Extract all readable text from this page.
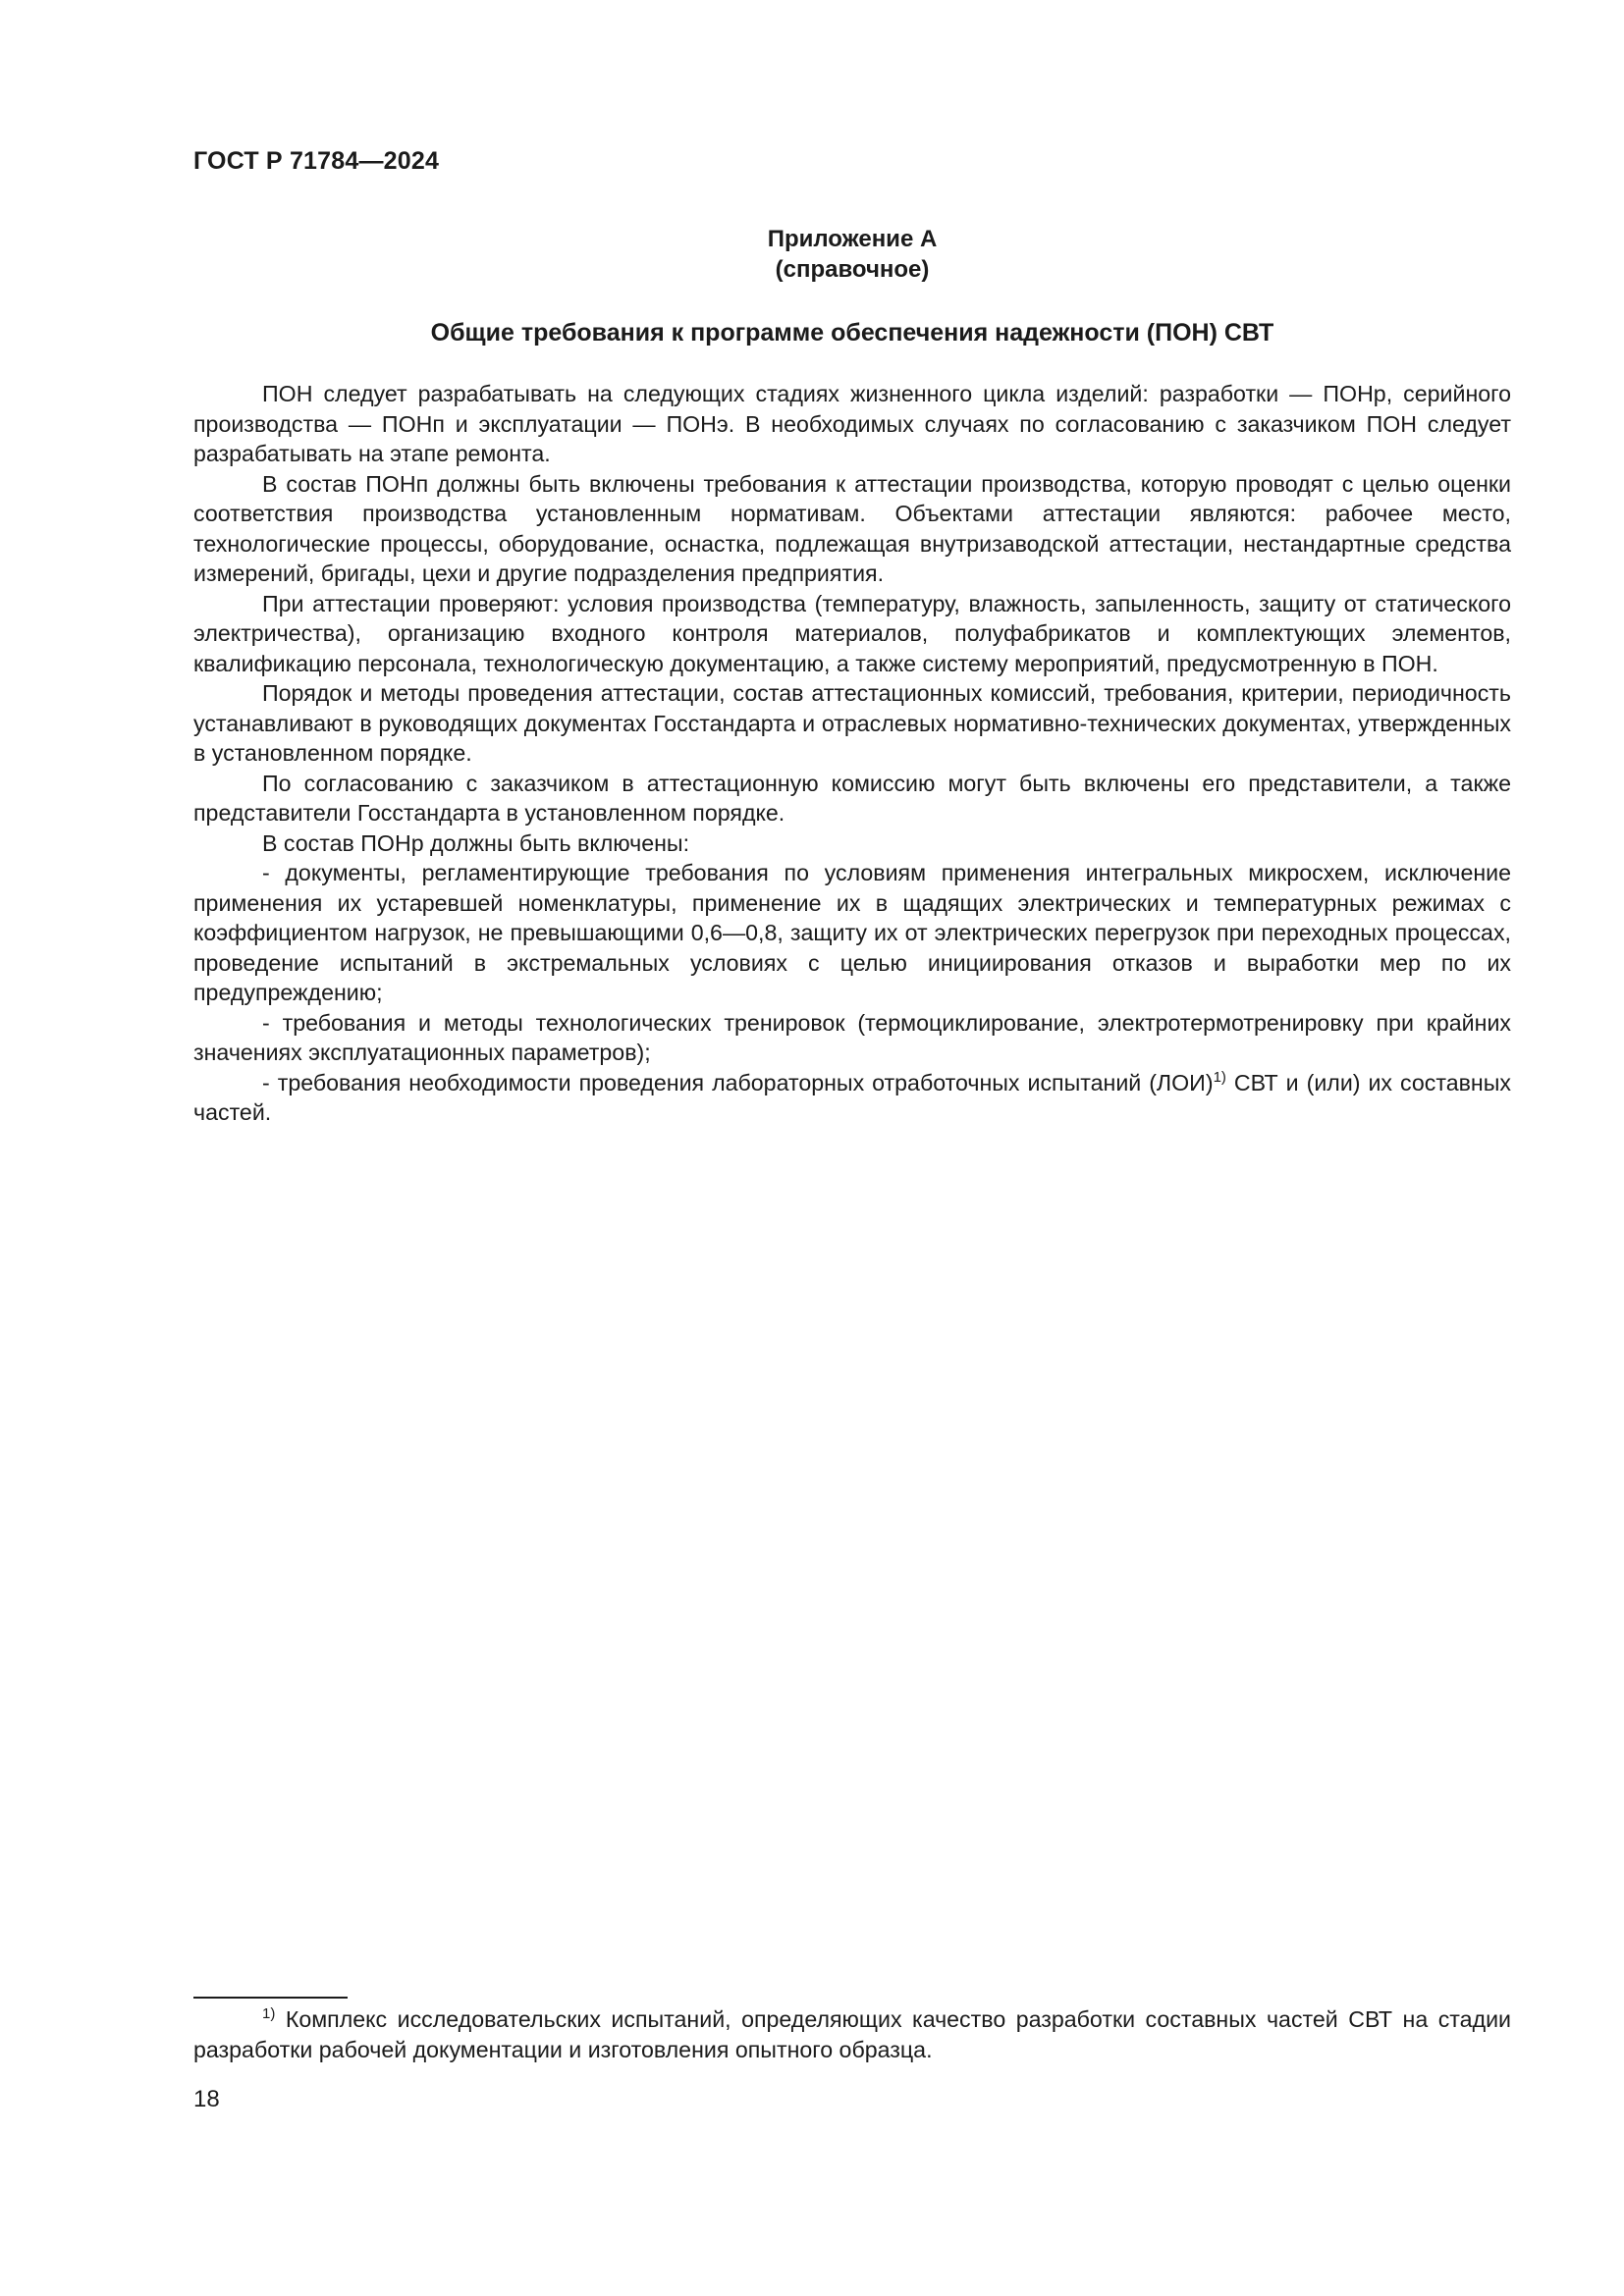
ГОСТ Р 71784—2024
Приложение А
(справочное)
Общие требования к программе обеспечения надежности (ПОН) СВТ

ПОН следует разрабатывать на следующих стадиях жизненного цикла изделий: разработки — ПОНр, серийного производства — ПОНп и эксплуатации — ПОНэ. В необходимых случаях по согласованию с заказчиком ПОН следует разрабатывать на этапе ремонта.

В состав ПОНп должны быть включены требования к аттестации производства, которую проводят с целью оценки соответствия производства установленным нормативам. Объектами аттестации являются: рабочее место, технологические процессы, оборудование, оснастка, подлежащая внутризаводской аттестации, нестандартные средства измерений, бригады, цехи и другие подразделения предприятия.

При аттестации проверяют: условия производства (температуру, влажность, запыленность, защиту от статического электричества), организацию входного контроля материалов, полуфабрикатов и комплектующих элементов, квалификацию персонала, технологическую документацию, а также систему мероприятий, предусмотренную в ПОН.

Порядок и методы проведения аттестации, состав аттестационных комиссий, требования, критерии, периодичность устанавливают в руководящих документах Госстандарта и отраслевых нормативно-технических документах, утвержденных в установленном порядке.

По согласованию с заказчиком в аттестационную комиссию могут быть включены его представители, а также представители Госстандарта в установленном порядке.

В состав ПОНр должны быть включены:

- документы, регламентирующие требования по условиям применения интегральных микросхем, исключение применения их устаревшей номенклатуры, применение их в щадящих электрических и температурных режимах с коэффициентом нагрузок, не превышающими 0,6—0,8, защиту их от электрических перегрузок при переходных процессах, проведение испытаний в экстремальных условиях с целью инициирования отказов и выработки мер по их предупреждению;

- требования и методы технологических тренировок (термоциклирование, электротермотренировку при крайних значениях эксплуатационных параметров);

- требования необходимости проведения лабораторных отработочных испытаний (ЛОИ)$^{1)}$ СВТ и (или) их составных частей.

$^{1)}$ Комплекс исследовательских испытаний, определяющих качество разработки составных частей СВТ на стадии разработки рабочей документации и изготовления опытного образца.
18
